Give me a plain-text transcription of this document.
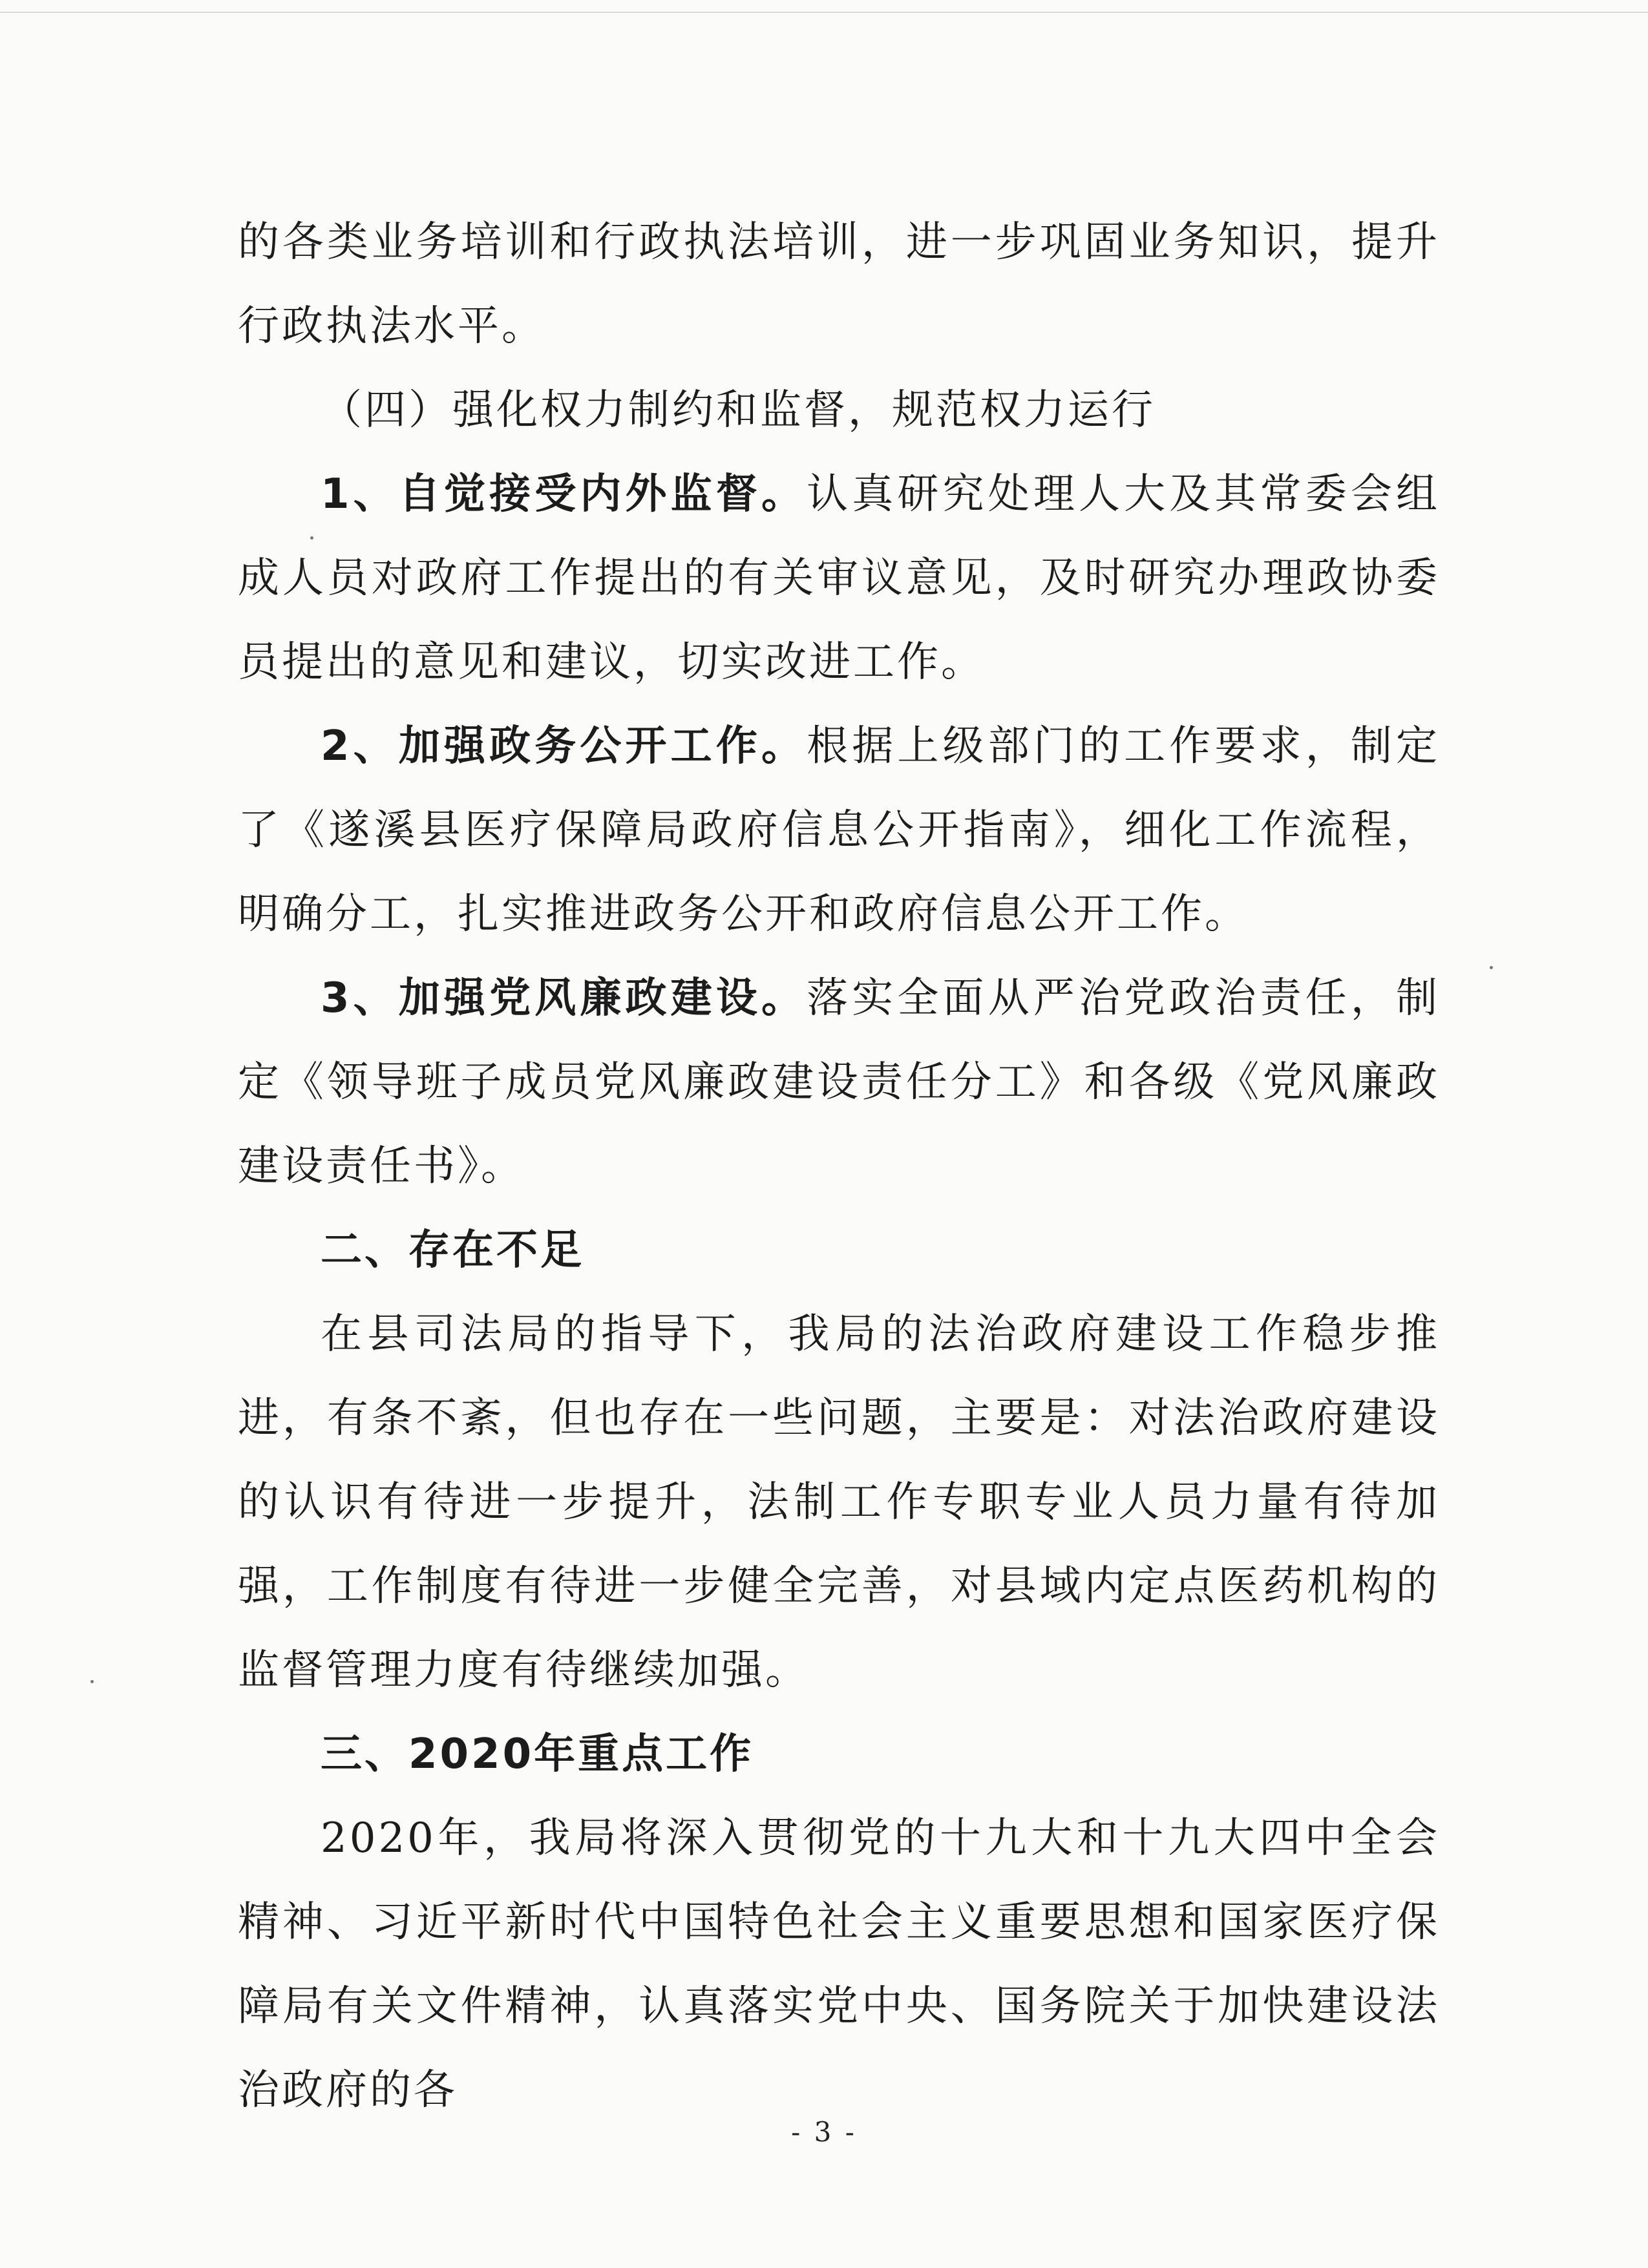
的各类业务培训和行政执法培训，进一步巩固业务知识，提升行政执法水平。

（四）强化权力制约和监督，规范权力运行

1、自觉接受内外监督。认真研究处理人大及其常委会组成人员对政府工作提出的有关审议意见，及时研究办理政协委员提出的意见和建议，切实改进工作。

2、加强政务公开工作。根据上级部门的工作要求，制定了《遂溪县医疗保障局政府信息公开指南》，细化工作流程，明确分工，扎实推进政务公开和政府信息公开工作。

3、加强党风廉政建设。落实全面从严治党政治责任，制定《领导班子成员党风廉政建设责任分工》和各级《党风廉政建设责任书》。

二、存在不足

在县司法局的指导下，我局的法治政府建设工作稳步推进，有条不紊，但也存在一些问题，主要是：对法治政府建设的认识有待进一步提升，法制工作专职专业人员力量有待加强，工作制度有待进一步健全完善，对县域内定点医药机构的监督管理力度有待继续加强。

三、2020年重点工作

2020年，我局将深入贯彻党的十九大和十九大四中全会精神、习近平新时代中国特色社会主义重要思想和国家医疗保障局有关文件精神，认真落实党中央、国务院关于加快建设法治政府的各

- 3 -
